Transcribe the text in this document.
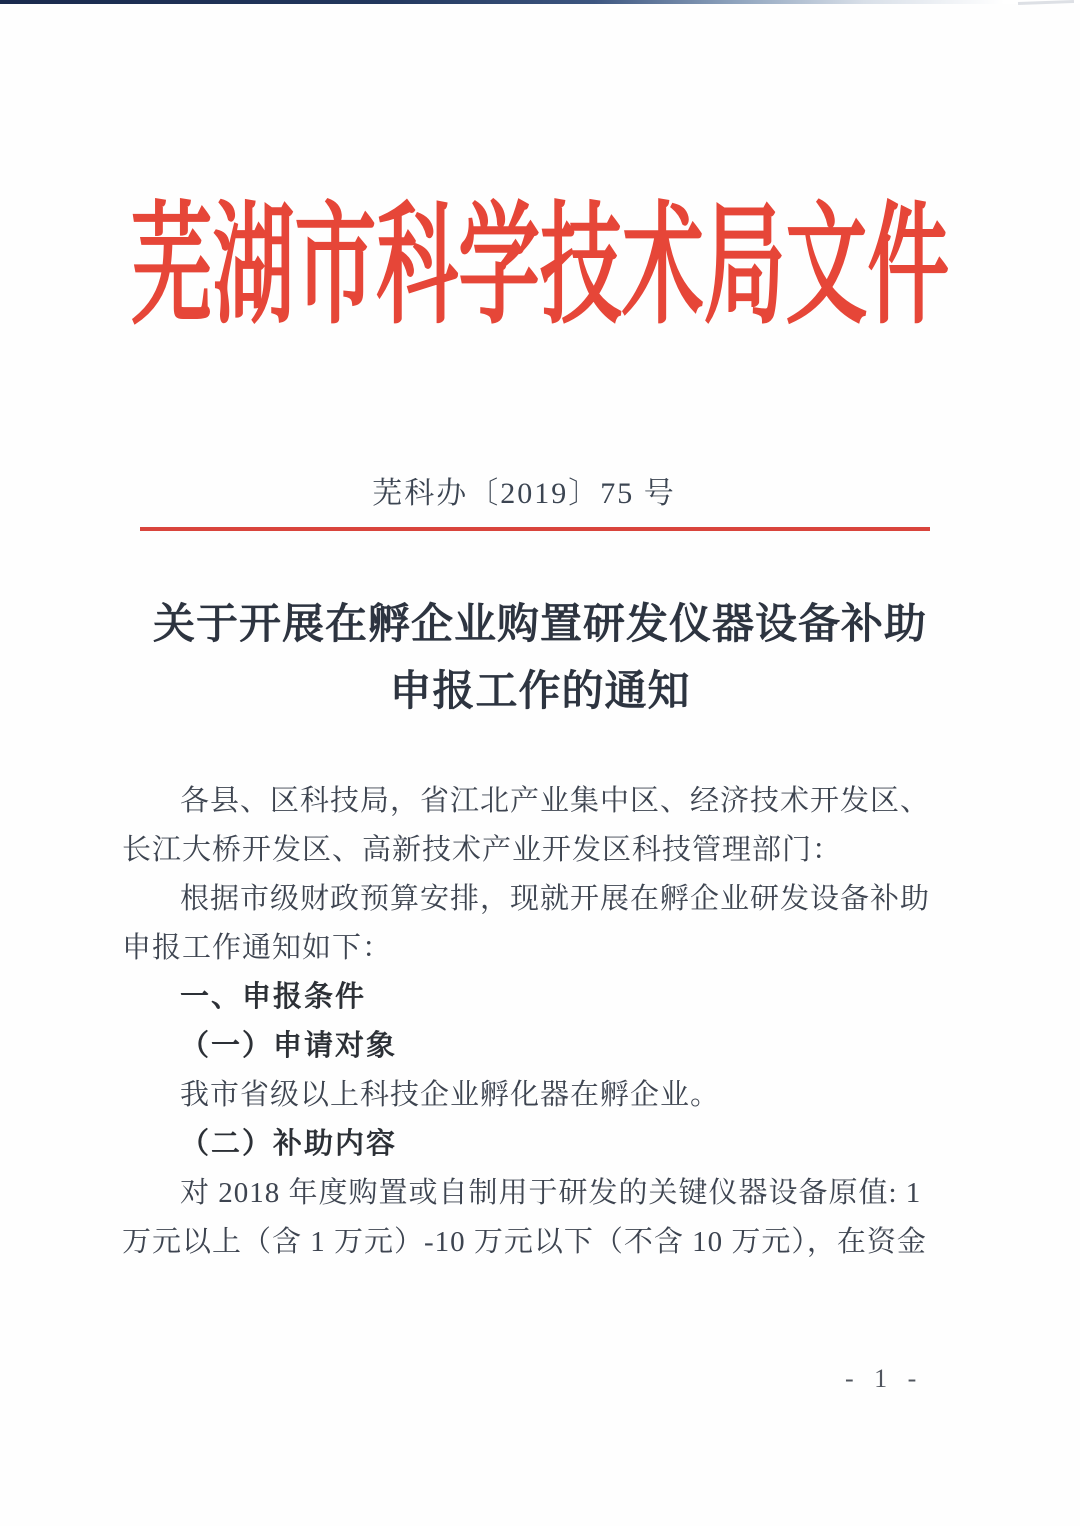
芜湖市科学技术局文件
芜科办〔2019〕75 号
关于开展在孵企业购置研发仪器设备补助
申报工作的通知
各县、区科技局，省江北产业集中区、经济技术开发区、
长江大桥开发区、高新技术产业开发区科技管理部门：
根据市级财政预算安排，现就开展在孵企业研发设备补助
申报工作通知如下：
一、申报条件
（一）申请对象
我市省级以上科技企业孵化器在孵企业。
（二）补助内容
对 2018 年度购置或自制用于研发的关键仪器设备原值: 1
万元以上（含 1 万元）-10 万元以下（不含 10 万元），在资金
- 1 -
